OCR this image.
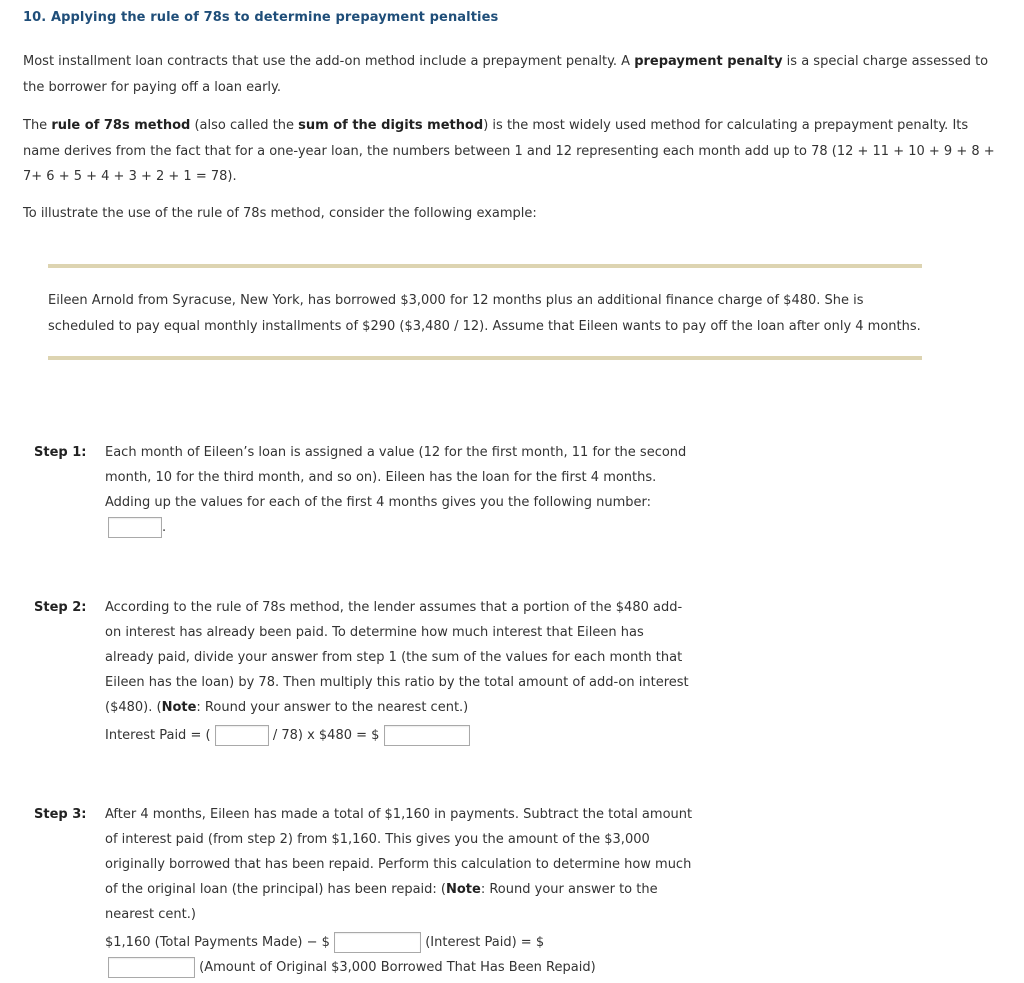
10. Applying the rule of 78s to determine prepayment penalties

Most installment loan contracts that use the add-on method include a prepayment penalty. A prepayment penalty is a special charge assessed to the borrower for paying off a loan early.

The rule of 78s method (also called the sum of the digits method) is the most widely used method for calculating a prepayment penalty. Its name derives from the fact that for a one-year loan, the numbers between 1 and 12 representing each month add up to 78 (12 + 11 + 10 + 9 + 8 + 7+ 6 + 5 + 4 + 3 + 2 + 1 = 78).

To illustrate the use of the rule of 78s method, consider the following example:

Eileen Arnold from Syracuse, New York, has borrowed $3,000 for 12 months plus an additional finance charge of $480. She is scheduled to pay equal monthly installments of $290 ($3,480 / 12). Assume that Eileen wants to pay off the loan after only 4 months.

Step 1: Each month of Eileen’s loan is assigned a value (12 for the first month, 11 for the second month, 10 for the third month, and so on). Eileen has the loan for the first 4 months. Adding up the values for each of the first 4 months gives you the following number:

.
Step 2: According to the rule of 78s method, the lender assumes that a portion of the $480 add-on interest has already been paid. To determine how much interest that Eileen has already paid, divide your answer from step 1 (the sum of the values for each month that Eileen has the loan) by 78. Then multiply this ratio by the total amount of add-on interest ($480). (Note: Round your answer to the nearest cent.)

Interest Paid = (	/ 78) x $480 = $
Step 3: After 4 months, Eileen has made a total of $1,160 in payments. Subtract the total amount of interest paid (from step 2) from $1,160. This gives you the amount of the $3,000 originally borrowed that has been repaid. Perform this calculation to determine how much of the original loan (the principal) has been repaid: (Note: Round your answer to the nearest cent.)

$1,160 (Total Payments Made) − $	(Interest Paid) = $
(Amount of Original $3,000 Borrowed That Has Been Repaid)
